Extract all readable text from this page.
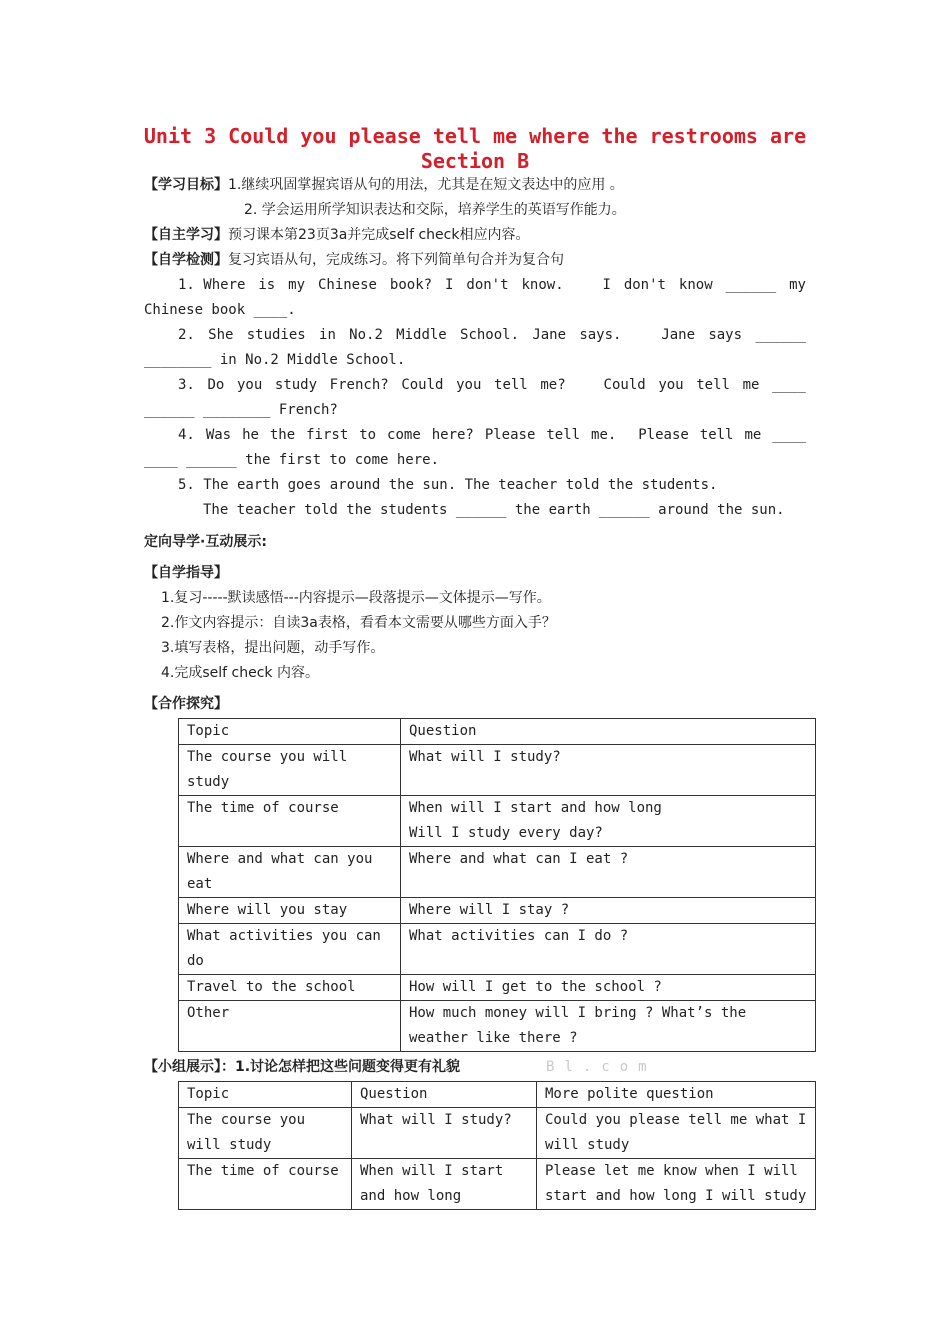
Unit 3 Could you please tell me where the restrooms are
Section B
【学习目标】1.继续巩固掌握宾语从句的用法，尤其是在短文表达中的应用 。
2. 学会运用所学知识表达和交际，培养学生的英语写作能力。
【自主学习】预习课本第23页3a并完成self check相应内容。
【自学检测】复习宾语从句，完成练习。将下列简单句合并为复合句
1. Where is my Chinese book? I don't know.	I don't know ______ my
Chinese book ____.
2. She studies in No.2 Middle School. Jane says.	Jane says ______
________ in No.2 Middle School.
3. Do you study French? Could you tell me?	Could you tell me ____
______ ________ French?
4. Was he the first to come here? Please tell me. Please tell me ____
____ ______ the first to come here.
5. The earth goes around the sun. The teacher told the students.
The teacher told the students ______ the earth ______ around the sun.
定向导学·互动展示:
【自学指导】
1.复习-----默读感悟---内容提示—段落提示—文体提示—写作。
2.作文内容提示：自读3a表格，看看本文需要从哪些方面入手？
3.填写表格，提出问题，动手写作。
4.完成self check 内容。
【合作探究】
Topic	Question
The course you will study	What will I study?
The time of course	When will I start and how long Will I study every day?
Where and what can you eat	Where and what can I eat ?
Where will you stay	Where will I stay ?
What activities you can do	What activities can I do ?
Travel to the school	How will I get to the school ?
Other	How much money will I bring ? What’s the weather like there ?
【小组展示】：1.讨论怎样把这些问题变得更有礼貌	Bl.com
Topic	Question	More polite question
The course you will study	What will I study?	Could you please tell me what I will study
The time of course	When will I start and how long	Please let me know when I will start and how long I will study
